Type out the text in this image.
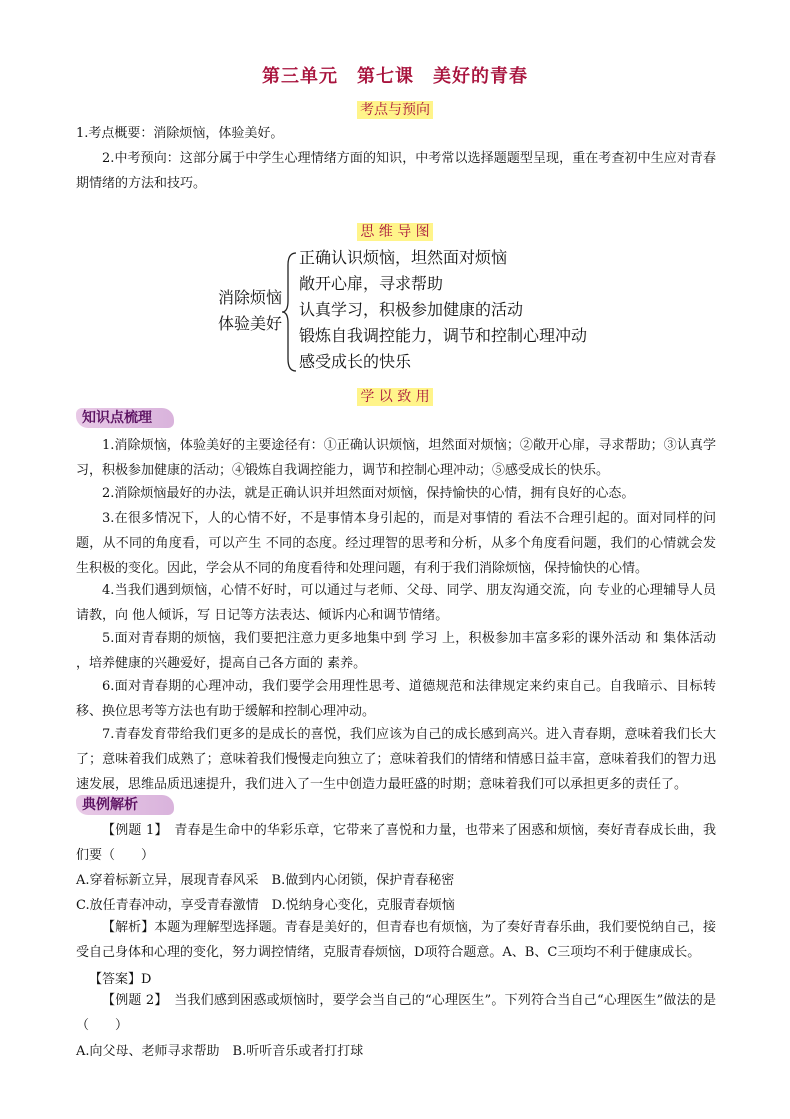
第三单元　第七课　美好的青春
考点与预向
1.考点概要：消除烦恼，体验美好。
2.中考预向：这部分属于中学生心理情绪方面的知识，中考常以选择题题型呈现，重在考查初中生应对青春期情绪的方法和技巧。
思 维 导 图
消除烦恼
体验美好
正确认识烦恼，坦然面对烦恼
敞开心扉，寻求帮助
认真学习，积极参加健康的活动
锻炼自我调控能力，调节和控制心理冲动
感受成长的快乐
学 以 致 用
知识点梳理
1.消除烦恼，体验美好的主要途径有：①正确认识烦恼，坦然面对烦恼；②敞开心扉，寻求帮助；③认真学习，积极参加健康的活动；④锻炼自我调控能力，调节和控制心理冲动；⑤感受成长的快乐。
2.消除烦恼最好的办法，就是正确认识并坦然面对烦恼，保持愉快的心情，拥有良好的心态。
3.在很多情况下，人的心情不好，不是事情本身引起的，而是对事情的 看法不合理引起的。面对同样的问题，从不同的角度看，可以产生 不同的态度。经过理智的思考和分析，从多个角度看问题，我们的心情就会发生积极的变化。因此，学会从不同的角度看待和处理问题，有利于我们消除烦恼，保持愉快的心情。
4.当我们遇到烦恼，心情不好时，可以通过与老师、父母、同学、朋友沟通交流，向 专业的心理辅导人员请教，向 他人倾诉，写 日记等方法表达、倾诉内心和调节情绪。
5.面对青春期的烦恼，我们要把注意力更多地集中到 学习 上，积极参加丰富多彩的课外活动 和 集体活动 ，培养健康的兴趣爱好，提高自己各方面的 素养。
6.面对青春期的心理冲动，我们要学会用理性思考、道德规范和法律规定来约束自己。自我暗示、目标转移、换位思考等方法也有助于缓解和控制心理冲动。
7.青春发育带给我们更多的是成长的喜悦，我们应该为自己的成长感到高兴。进入青春期，意味着我们长大了；意味着我们成熟了；意味着我们慢慢走向独立了；意味着我们的情绪和情感日益丰富，意味着我们的智力迅速发展，思维品质迅速提升，我们进入了一生中创造力最旺盛的时期；意味着我们可以承担更多的责任了。
典例解析
【例题 1】　青春是生命中的华彩乐章，它带来了喜悦和力量，也带来了困惑和烦恼，奏好青春成长曲，我们要（　　）
A.穿着标新立异，展现青春风采　B.做到内心闭锁，保护青春秘密
C.放任青春冲动，享受青春激情　D.悦纳身心变化，克服青春烦恼
【解析】本题为理解型选择题。青春是美好的，但青春也有烦恼，为了奏好青春乐曲，我们要悦纳自己，接受自己身体和心理的变化，努力调控情绪，克服青春烦恼，D项符合题意。A、B、C三项均不利于健康成长。
【答案】D
【例题 2】　当我们感到困惑或烦恼时，要学会当自己的“心理医生”。下列符合当自己“心理医生”做法的是（　　）
A.向父母、老师寻求帮助　B.听听音乐或者打打球
